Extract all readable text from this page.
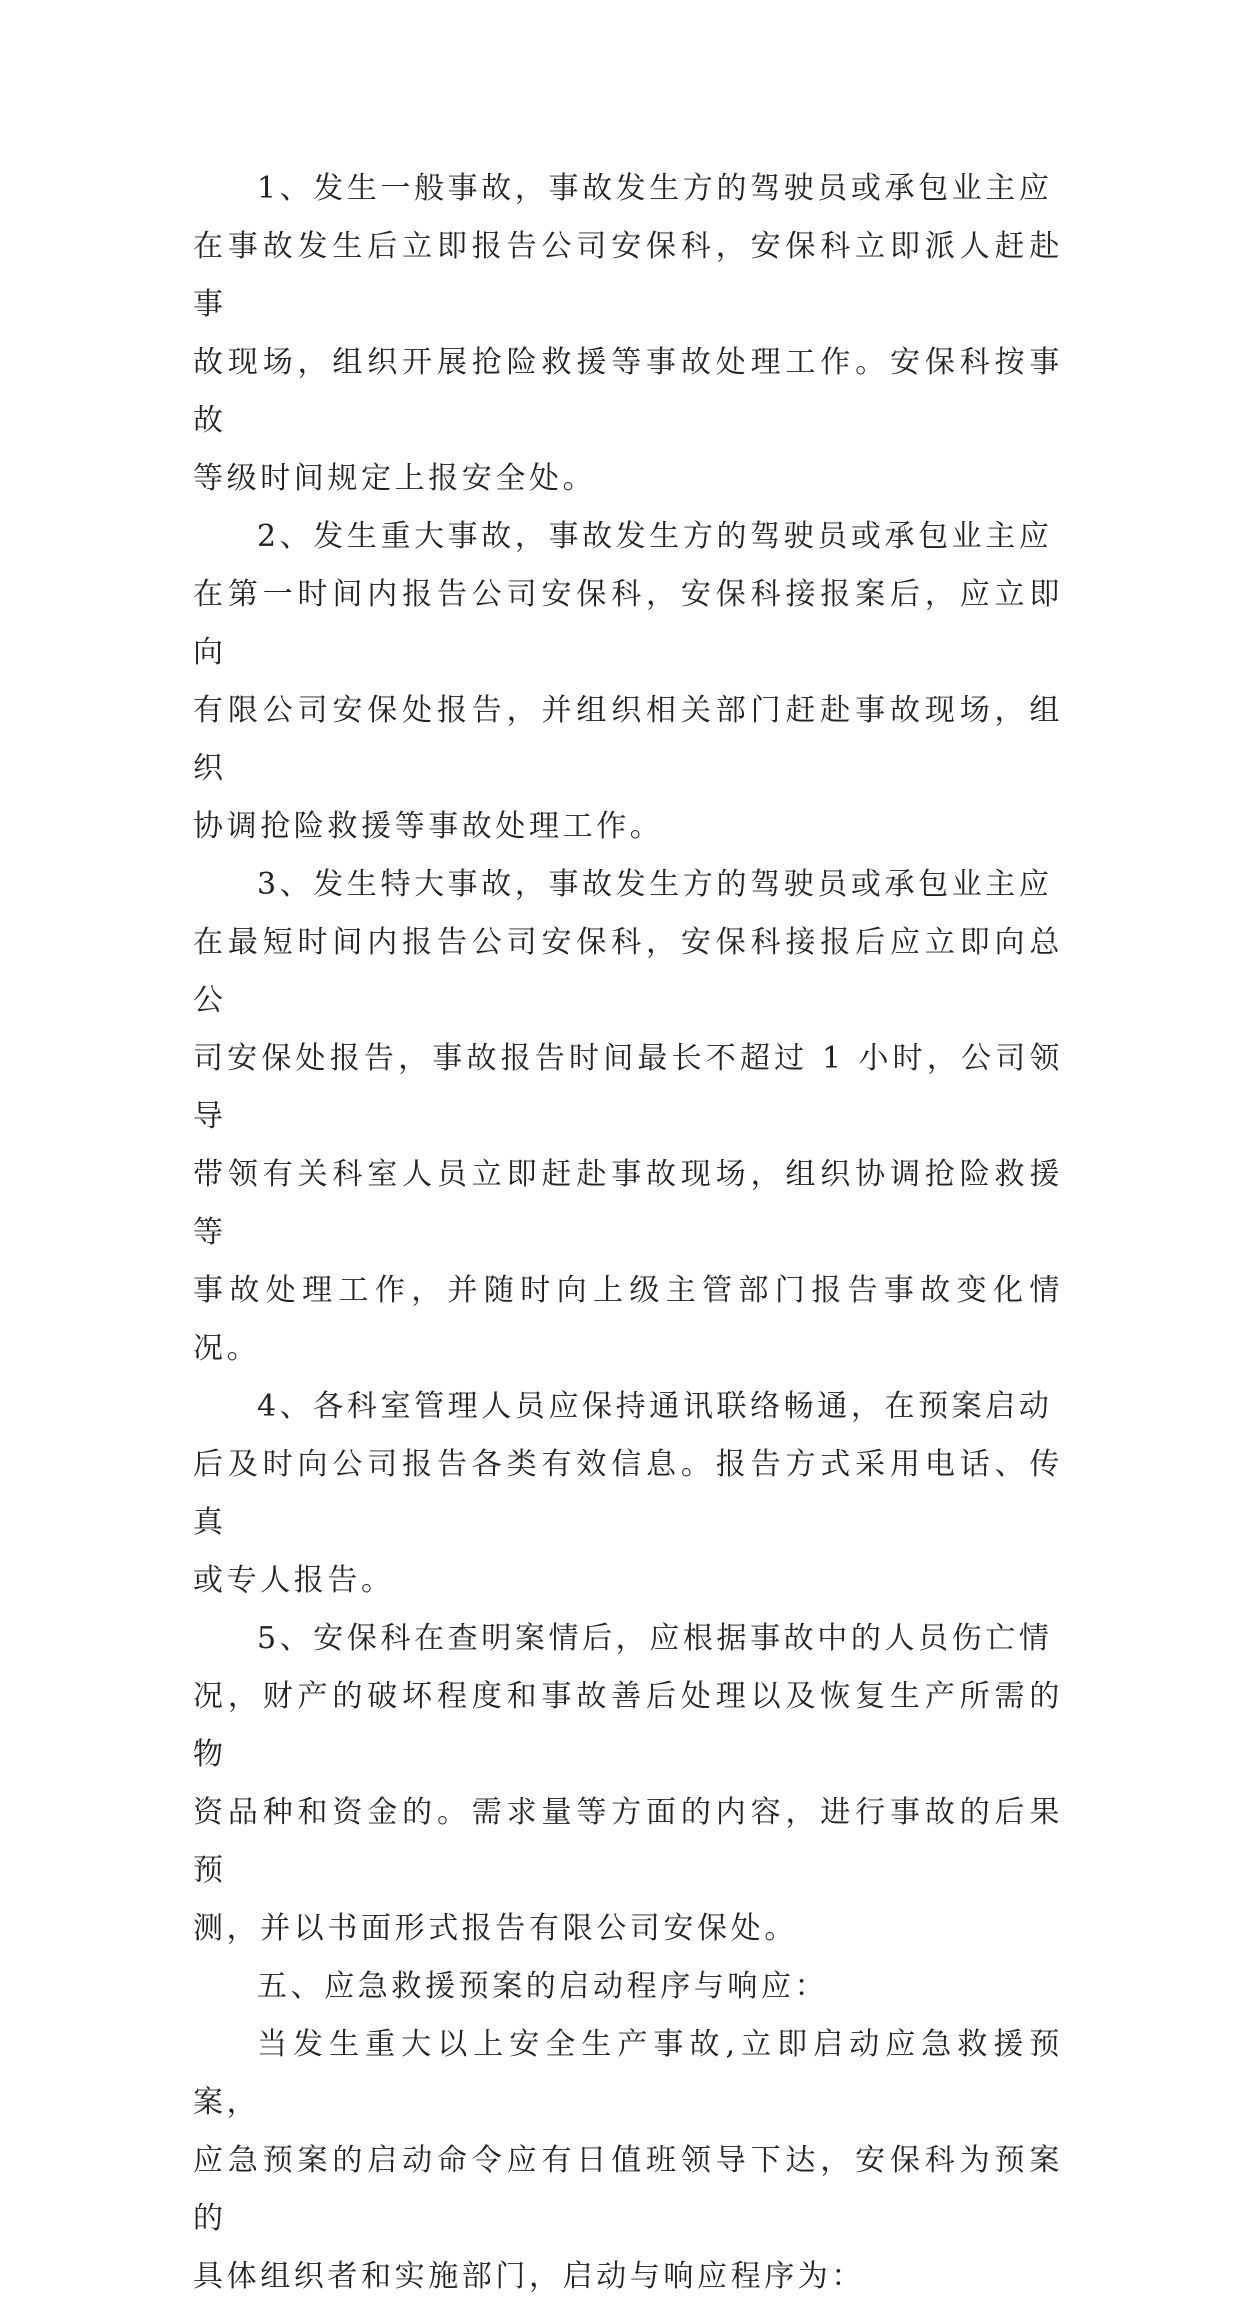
1、发生一般事故，事故发生方的驾驶员或承包业主应
在事故发生后立即报告公司安保科，安保科立即派人赶赴事
故现场，组织开展抢险救援等事故处理工作。安保科按事故
等级时间规定上报安全处。

2、发生重大事故，事故发生方的驾驶员或承包业主应
在第一时间内报告公司安保科，安保科接报案后，应立即向
有限公司安保处报告，并组织相关部门赶赴事故现场，组织
协调抢险救援等事故处理工作。

3、发生特大事故，事故发生方的驾驶员或承包业主应
在最短时间内报告公司安保科，安保科接报后应立即向总公
司安保处报告，事故报告时间最长不超过 1 小时，公司领导
带领有关科室人员立即赶赴事故现场，组织协调抢险救援等
事故处理工作，并随时向上级主管部门报告事故变化情况。

4、各科室管理人员应保持通讯联络畅通，在预案启动
后及时向公司报告各类有效信息。报告方式采用电话、传真
或专人报告。

5、安保科在查明案情后，应根据事故中的人员伤亡情
况，财产的破坏程度和事故善后处理以及恢复生产所需的物
资品种和资金的。需求量等方面的内容，进行事故的后果预
测，并以书面形式报告有限公司安保处。

五、应急救援预案的启动程序与响应：

当发生重大以上安全生产事故,立即启动应急救援预案，
应急预案的启动命令应有日值班领导下达，安保科为预案的
具体组织者和实施部门，启动与响应程序为：
